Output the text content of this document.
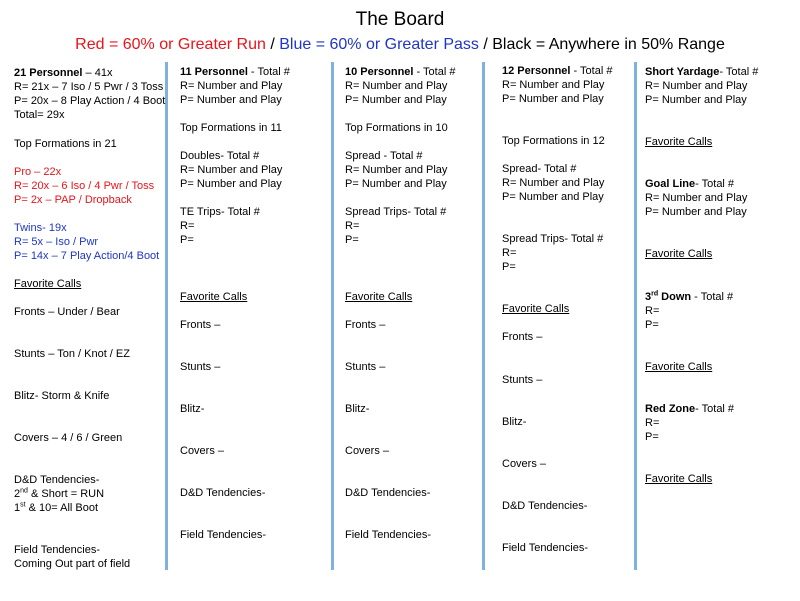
The Board
Red = 60% or Greater Run / Blue = 60% or Greater Pass / Black = Anywhere in 50% Range
21 Personnel – 41x
R= 21x – 7 Iso / 5 Pwr / 3 Toss
P= 20x – 8 Play Action / 4 Boot
Total= 29x
Top Formations in 21
Pro – 22x
R= 20x – 6 Iso / 4 Pwr / Toss
P= 2x – PAP / Dropback
Twins- 19x
R= 5x – Iso / Pwr
P= 14x – 7 Play Action/4 Boot
Favorite Calls
Fronts – Under / Bear
Stunts – Ton / Knot / EZ
Blitz- Storm & Knife
Covers – 4 / 6 / Green
D&D Tendencies-
2nd & Short = RUN
1st & 10= All Boot
Field Tendencies-
Coming Out part of field
11 Personnel - Total #
R= Number and Play
P= Number and Play
Top Formations in 11
Doubles- Total #
R= Number and Play
P= Number and Play
TE Trips- Total #
R=
P=
Favorite Calls
Fronts –
Stunts –
Blitz-
Covers –
D&D Tendencies-
Field Tendencies-
10 Personnel - Total #
R= Number and Play
P= Number and Play
Top Formations in 10
Spread - Total #
R= Number and Play
P= Number and Play
Spread Trips- Total #
R=
P=
Favorite Calls
Fronts –
Stunts –
Blitz-
Covers –
D&D Tendencies-
Field Tendencies-
12 Personnel - Total #
R= Number and Play
P= Number and Play
Top Formations in 12
Spread- Total #
R= Number and Play
P= Number and Play
Spread Trips- Total #
R=
P=
Favorite Calls
Fronts –
Stunts –
Blitz-
Covers –
D&D Tendencies-
Field Tendencies-
Short Yardage- Total #
R= Number and Play
P= Number and Play
Favorite Calls
Goal Line- Total #
R= Number and Play
P= Number and Play
Favorite Calls
3rd Down - Total #
R=
P=
Favorite Calls
Red Zone- Total #
R=
P=
Favorite Calls
